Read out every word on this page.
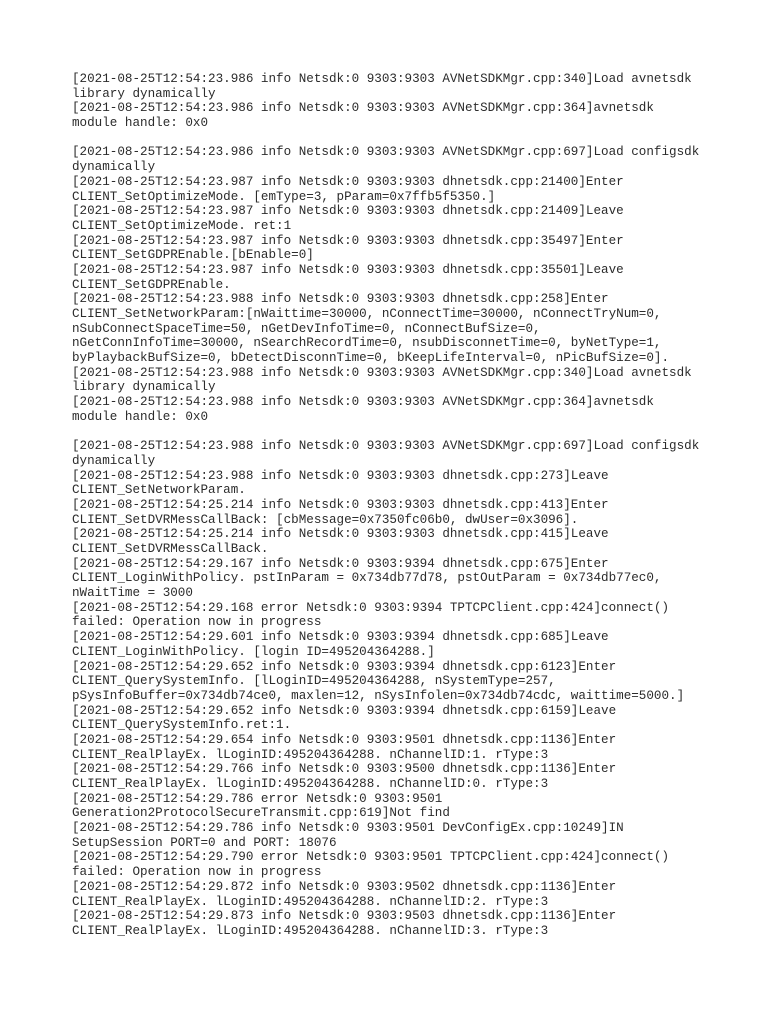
[2021-08-25T12:54:23.986 info Netsdk:0 9303:9303 AVNetSDKMgr.cpp:340]Load avnetsdk
library dynamically
[2021-08-25T12:54:23.986 info Netsdk:0 9303:9303 AVNetSDKMgr.cpp:364]avnetsdk
module handle: 0x0
[2021-08-25T12:54:23.986 info Netsdk:0 9303:9303 AVNetSDKMgr.cpp:697]Load configsdk
dynamically
[2021-08-25T12:54:23.987 info Netsdk:0 9303:9303 dhnetsdk.cpp:21400]Enter
CLIENT_SetOptimizeMode. [emType=3, pParam=0x7ffb5f5350.]
[2021-08-25T12:54:23.987 info Netsdk:0 9303:9303 dhnetsdk.cpp:21409]Leave
CLIENT_SetOptimizeMode. ret:1
[2021-08-25T12:54:23.987 info Netsdk:0 9303:9303 dhnetsdk.cpp:35497]Enter
CLIENT_SetGDPREnable.[bEnable=0]
[2021-08-25T12:54:23.987 info Netsdk:0 9303:9303 dhnetsdk.cpp:35501]Leave
CLIENT_SetGDPREnable.
[2021-08-25T12:54:23.988 info Netsdk:0 9303:9303 dhnetsdk.cpp:258]Enter
CLIENT_SetNetworkParam:[nWaittime=30000, nConnectTime=30000, nConnectTryNum=0,
nSubConnectSpaceTime=50, nGetDevInfoTime=0, nConnectBufSize=0,
nGetConnInfoTime=30000, nSearchRecordTime=0, nsubDisconnetTime=0, byNetType=1,
byPlaybackBufSize=0, bDetectDisconnTime=0, bKeepLifeInterval=0, nPicBufSize=0].
[2021-08-25T12:54:23.988 info Netsdk:0 9303:9303 AVNetSDKMgr.cpp:340]Load avnetsdk
library dynamically
[2021-08-25T12:54:23.988 info Netsdk:0 9303:9303 AVNetSDKMgr.cpp:364]avnetsdk
module handle: 0x0
[2021-08-25T12:54:23.988 info Netsdk:0 9303:9303 AVNetSDKMgr.cpp:697]Load configsdk
dynamically
[2021-08-25T12:54:23.988 info Netsdk:0 9303:9303 dhnetsdk.cpp:273]Leave
CLIENT_SetNetworkParam.
[2021-08-25T12:54:25.214 info Netsdk:0 9303:9303 dhnetsdk.cpp:413]Enter
CLIENT_SetDVRMessCallBack: [cbMessage=0x7350fc06b0, dwUser=0x3096].
[2021-08-25T12:54:25.214 info Netsdk:0 9303:9303 dhnetsdk.cpp:415]Leave
CLIENT_SetDVRMessCallBack.
[2021-08-25T12:54:29.167 info Netsdk:0 9303:9394 dhnetsdk.cpp:675]Enter
CLIENT_LoginWithPolicy. pstInParam = 0x734db77d78, pstOutParam = 0x734db77ec0,
nWaitTime = 3000
[2021-08-25T12:54:29.168 error Netsdk:0 9303:9394 TPTCPClient.cpp:424]connect()
failed: Operation now in progress
[2021-08-25T12:54:29.601 info Netsdk:0 9303:9394 dhnetsdk.cpp:685]Leave
CLIENT_LoginWithPolicy. [login ID=495204364288.]
[2021-08-25T12:54:29.652 info Netsdk:0 9303:9394 dhnetsdk.cpp:6123]Enter
CLIENT_QuerySystemInfo. [lLoginID=495204364288, nSystemType=257,
pSysInfoBuffer=0x734db74ce0, maxlen=12, nSysInfolen=0x734db74cdc, waittime=5000.]
[2021-08-25T12:54:29.652 info Netsdk:0 9303:9394 dhnetsdk.cpp:6159]Leave
CLIENT_QuerySystemInfo.ret:1.
[2021-08-25T12:54:29.654 info Netsdk:0 9303:9501 dhnetsdk.cpp:1136]Enter
CLIENT_RealPlayEx. lLoginID:495204364288. nChannelID:1. rType:3
[2021-08-25T12:54:29.766 info Netsdk:0 9303:9500 dhnetsdk.cpp:1136]Enter
CLIENT_RealPlayEx. lLoginID:495204364288. nChannelID:0. rType:3
[2021-08-25T12:54:29.786 error Netsdk:0 9303:9501
Generation2ProtocolSecureTransmit.cpp:619]Not find
[2021-08-25T12:54:29.786 info Netsdk:0 9303:9501 DevConfigEx.cpp:10249]IN
SetupSession PORT=0 and PORT: 18076
[2021-08-25T12:54:29.790 error Netsdk:0 9303:9501 TPTCPClient.cpp:424]connect()
failed: Operation now in progress
[2021-08-25T12:54:29.872 info Netsdk:0 9303:9502 dhnetsdk.cpp:1136]Enter
CLIENT_RealPlayEx. lLoginID:495204364288. nChannelID:2. rType:3
[2021-08-25T12:54:29.873 info Netsdk:0 9303:9503 dhnetsdk.cpp:1136]Enter
CLIENT_RealPlayEx. lLoginID:495204364288. nChannelID:3. rType:3
